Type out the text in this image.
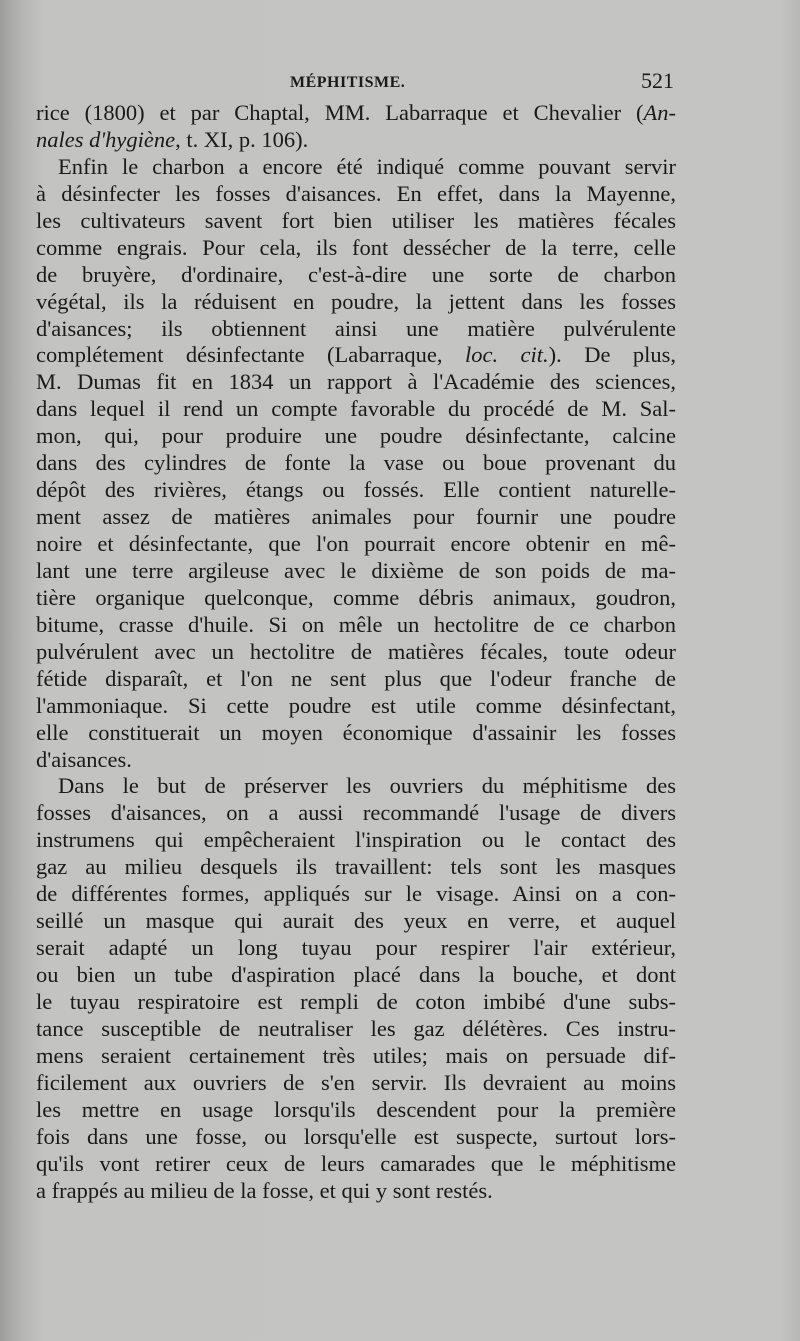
MÉPHITISME.	521
rice (1800) et par Chaptal, MM. Labarraque et Chevalier (An-
nales d'hygiène, t. XI, p. 106).
Enfin le charbon a encore été indiqué comme pouvant servir
à désinfecter les fosses d'aisances. En effet, dans la Mayenne,
les cultivateurs savent fort bien utiliser les matières fécales
comme engrais. Pour cela, ils font dessécher de la terre, celle
de bruyère, d'ordinaire, c'est-à-dire une sorte de charbon
végétal, ils la réduisent en poudre, la jettent dans les fosses
d'aisances; ils obtiennent ainsi une matière pulvérulente
complétement désinfectante (Labarraque, loc. cit.). De plus,
M. Dumas fit en 1834 un rapport à l'Académie des sciences,
dans lequel il rend un compte favorable du procédé de M. Sal-
mon, qui, pour produire une poudre désinfectante, calcine
dans des cylindres de fonte la vase ou boue provenant du
dépôt des rivières, étangs ou fossés. Elle contient naturelle-
ment assez de matières animales pour fournir une poudre
noire et désinfectante, que l'on pourrait encore obtenir en mê-
lant une terre argileuse avec le dixième de son poids de ma-
tière organique quelconque, comme débris animaux, goudron,
bitume, crasse d'huile. Si on mêle un hectolitre de ce charbon
pulvérulent avec un hectolitre de matières fécales, toute odeur
fétide disparaît, et l'on ne sent plus que l'odeur franche de
l'ammoniaque. Si cette poudre est utile comme désinfectant,
elle constituerait un moyen économique d'assainir les fosses
d'aisances.
Dans le but de préserver les ouvriers du méphitisme des
fosses d'aisances, on a aussi recommandé l'usage de divers
instrumens qui empêcheraient l'inspiration ou le contact des
gaz au milieu desquels ils travaillent: tels sont les masques
de différentes formes, appliqués sur le visage. Ainsi on a con-
seillé un masque qui aurait des yeux en verre, et auquel
serait adapté un long tuyau pour respirer l'air extérieur,
ou bien un tube d'aspiration placé dans la bouche, et dont
le tuyau respiratoire est rempli de coton imbibé d'une subs-
tance susceptible de neutraliser les gaz délétères. Ces instru-
mens seraient certainement très utiles; mais on persuade dif-
ficilement aux ouvriers de s'en servir. Ils devraient au moins
les mettre en usage lorsqu'ils descendent pour la première
fois dans une fosse, ou lorsqu'elle est suspecte, surtout lors-
qu'ils vont retirer ceux de leurs camarades que le méphitisme
a frappés au milieu de la fosse, et qui y sont restés.
